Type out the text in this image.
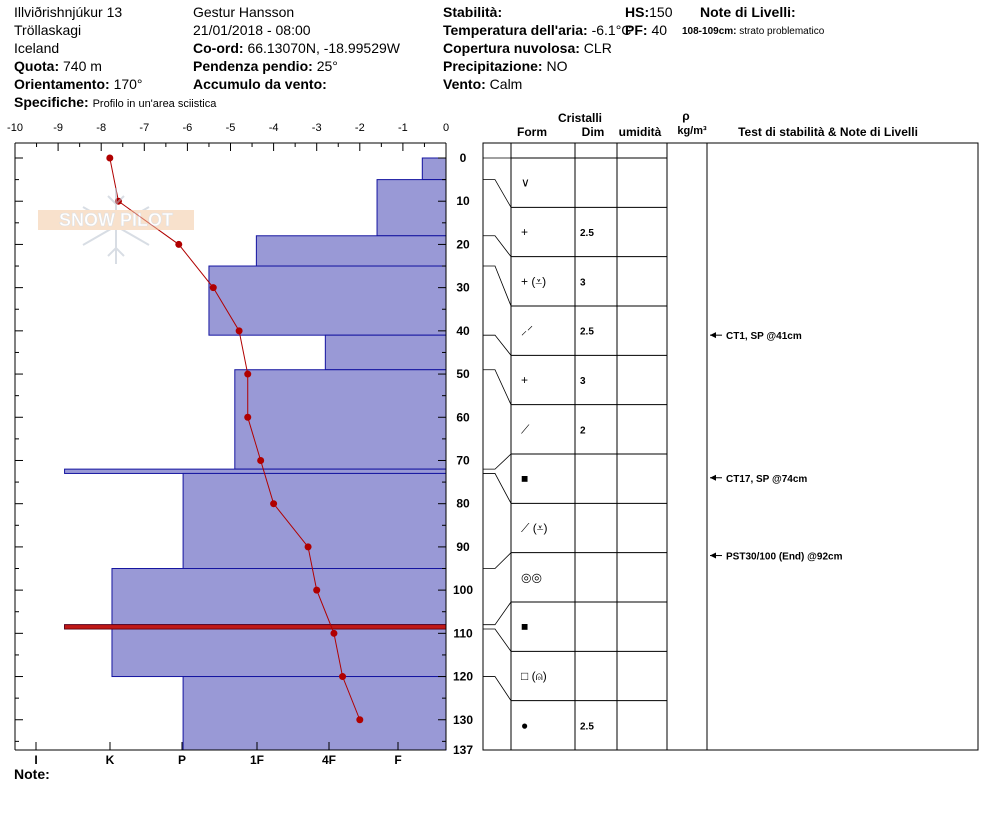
Illviðrishnjúkur 13
Tröllaskagi
Iceland
Quota: 740 m
Orientamento: 170°
Specifiche: Profilo in un'area sciistica
Gestur Hansson
21/01/2018 - 08:00
Co-ord: 66.13070N, -18.99529W
Pendenza pendio: 25°
Accumulo da vento:
Stabilità:
Temperatura dell'aria: -6.1°C
Copertura nuvolosa: CLR
Precipitazione: NO
Vento: Calm
HS:150
PF: 40
Note di Livelli:
108-109cm: strato problematico
Note:
-10	-9	-8	-7	-6	-5	-4	-3	-2	-1	0
0
10
20
30
40
50
60
70
80
90
100
110
120
130
137
I	K	P	1F	4F	F
∨
+	2.5
+ (⩡)	3
⸝⸍	2.5
+	3
⟋	2
■
⟋ (⩡)
◎◎
■
□ (⍝)
●	2.5
CT1, SP @41cm
CT17, SP @74cm
PST30/100 (End) @92cm
SNOW PILOT
Cristalli
Form	Dim umidità
ρ
kg/m³	Test di stabilità & Note di Livelli
